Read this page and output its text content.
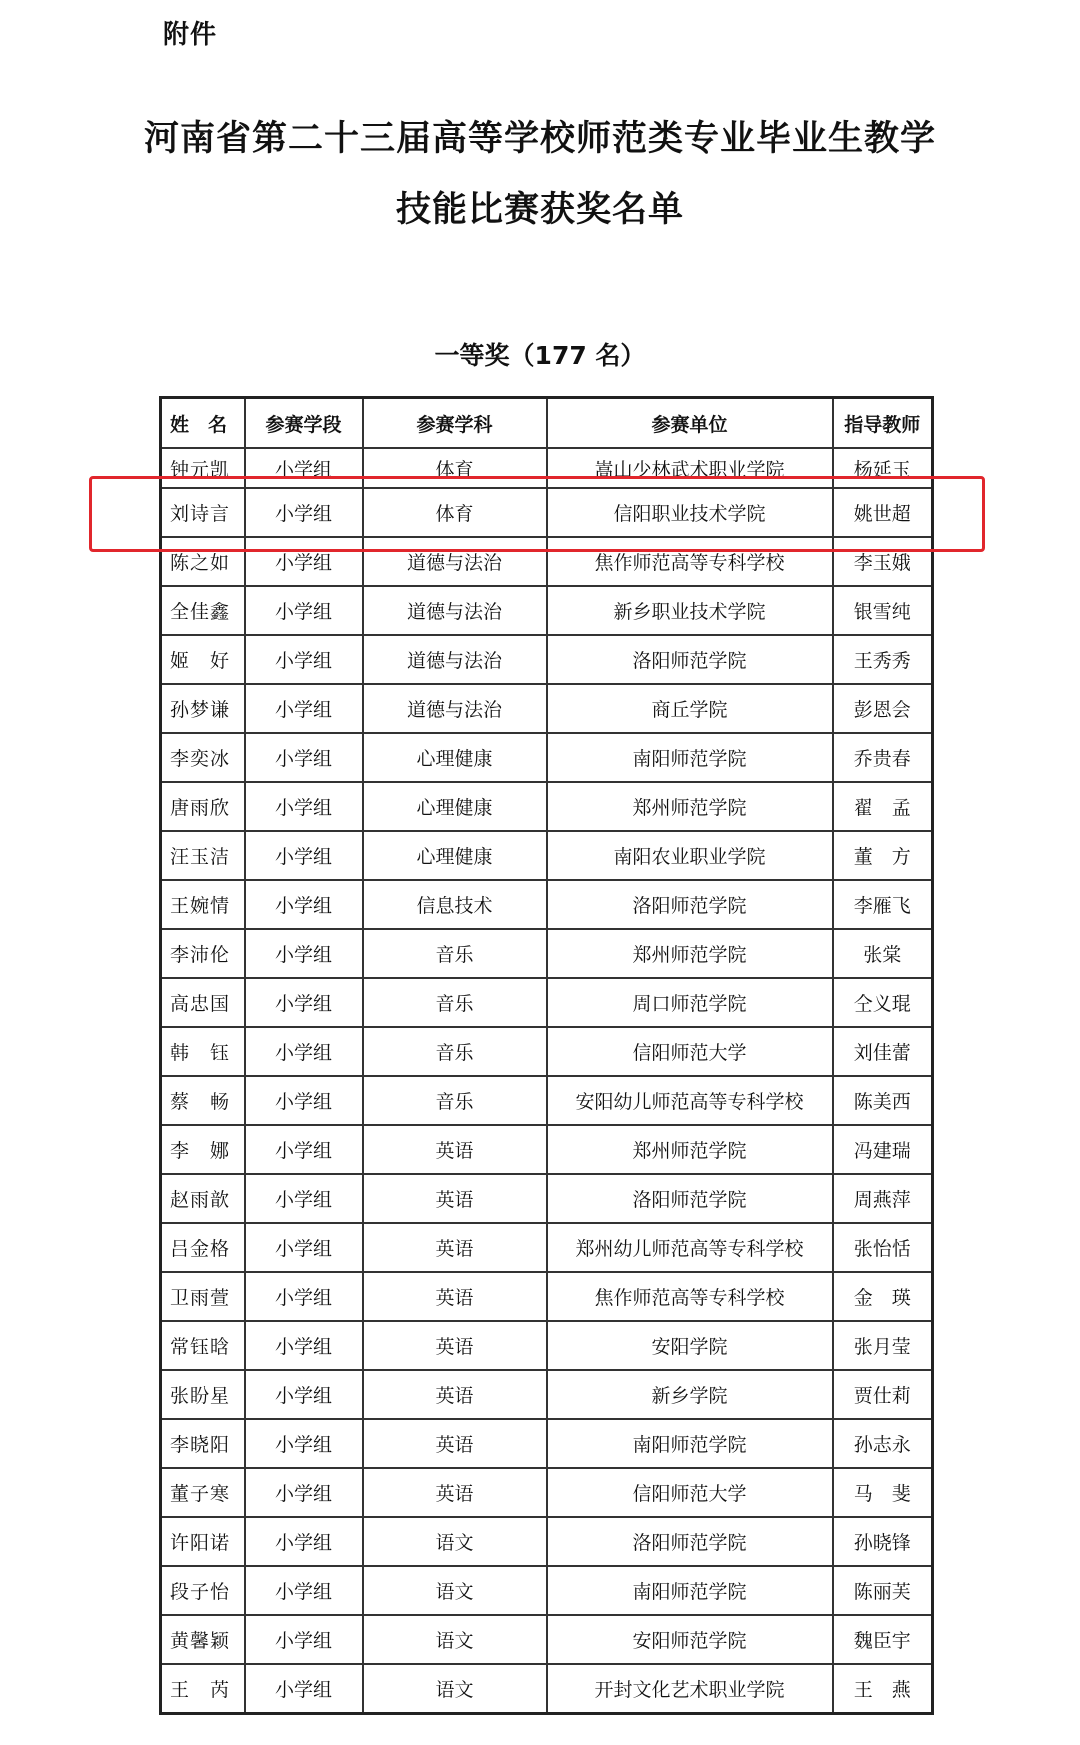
附件
河南省第二十三届高等学校师范类专业毕业生教学
技能比赛获奖名单
一等奖（177 名）
姓　名	参赛学段	参赛学科	参赛单位	指导教师
钟元凯	小学组	体育	嵩山少林武术职业学院	杨延玉
刘诗言	小学组	体育	信阳职业技术学院	姚世超
陈之如	小学组	道德与法治	焦作师范高等专科学校	李玉娥
全佳鑫	小学组	道德与法治	新乡职业技术学院	银雪纯
姬　好	小学组	道德与法治	洛阳师范学院	王秀秀
孙梦谦	小学组	道德与法治	商丘学院	彭恩会
李奕冰	小学组	心理健康	南阳师范学院	乔贵春
唐雨欣	小学组	心理健康	郑州师范学院	翟　孟
汪玉洁	小学组	心理健康	南阳农业职业学院	董　方
王婉情	小学组	信息技术	洛阳师范学院	李雁飞
李沛伦	小学组	音乐	郑州师范学院	张棠
高忠国	小学组	音乐	周口师范学院	仝义琨
韩　钰	小学组	音乐	信阳师范大学	刘佳蕾
蔡　畅	小学组	音乐	安阳幼儿师范高等专科学校	陈美西
李　娜	小学组	英语	郑州师范学院	冯建瑞
赵雨歆	小学组	英语	洛阳师范学院	周燕萍
吕金格	小学组	英语	郑州幼儿师范高等专科学校	张怡恬
卫雨萱	小学组	英语	焦作师范高等专科学校	金　瑛
常钰晗	小学组	英语	安阳学院	张月莹
张盼星	小学组	英语	新乡学院	贾仕莉
李晓阳	小学组	英语	南阳师范学院	孙志永
董子寒	小学组	英语	信阳师范大学	马　斐
许阳诺	小学组	语文	洛阳师范学院	孙晓锋
段子怡	小学组	语文	南阳师范学院	陈丽芙
黄馨颖	小学组	语文	安阳师范学院	魏臣宇
王　芮	小学组	语文	开封文化艺术职业学院	王　燕
